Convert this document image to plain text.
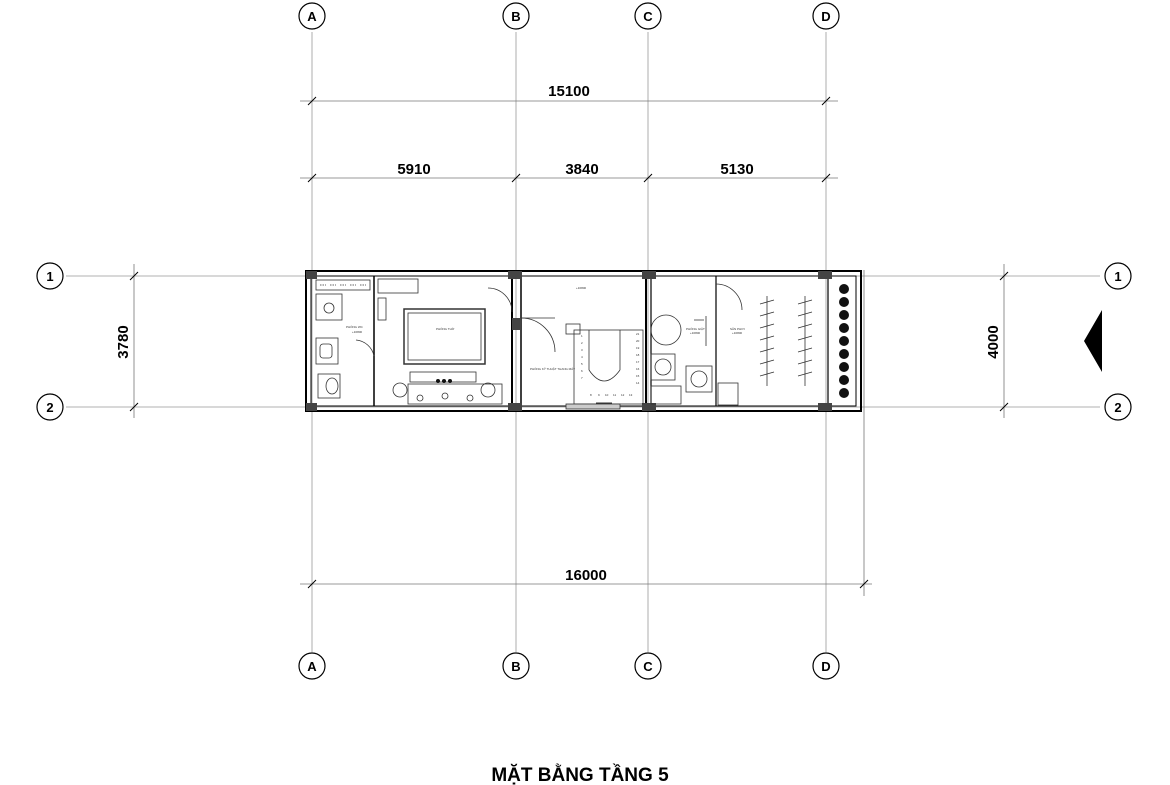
A	B	C	D
A	B	C	D
1
2
1
2
15100
5910	3840	5130
16000
3780	4000
PHÒNG WC	PHÒNG THỜ
PHÒNG KỸ THUẬT THANG MÁY
1
2
3
4
5
6
7
8 9 10 11 12 13
14
15
16
17
18
19
20
21
PHÒNG GIẶT	SÂN PHƠI
+16800
+16800
+16800	+16800
MẶT BẰNG TẦNG 5
